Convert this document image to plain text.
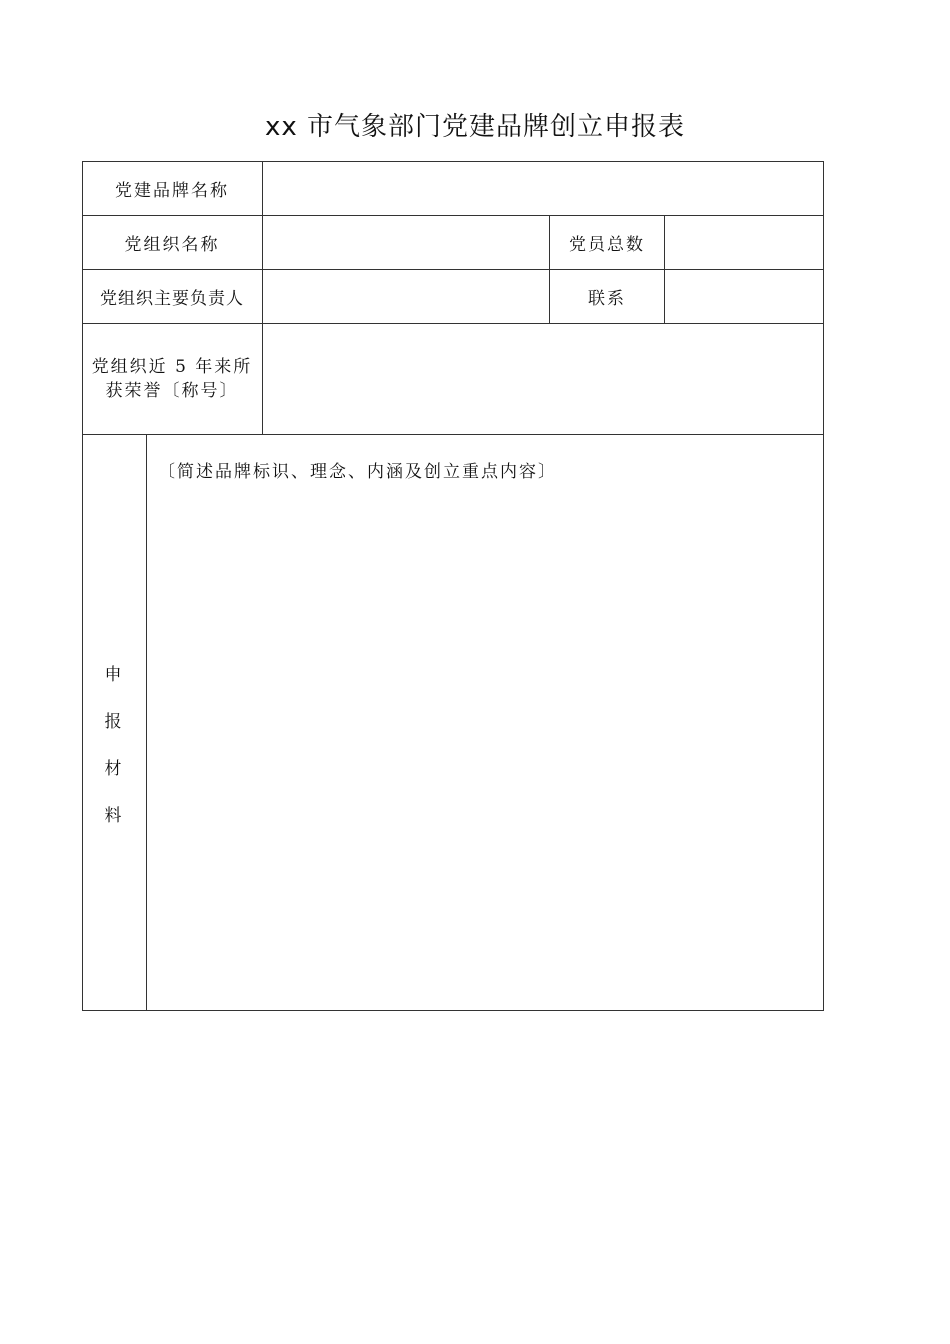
xx 市气象部门党建品牌创立申报表
党建品牌名称
党组织名称	党员总数
党组织主要负责人	联系
党组织近 5 年来所
获荣誉〔称号〕
申
报
材
料
〔简述品牌标识、理念、内涵及创立重点内容〕
